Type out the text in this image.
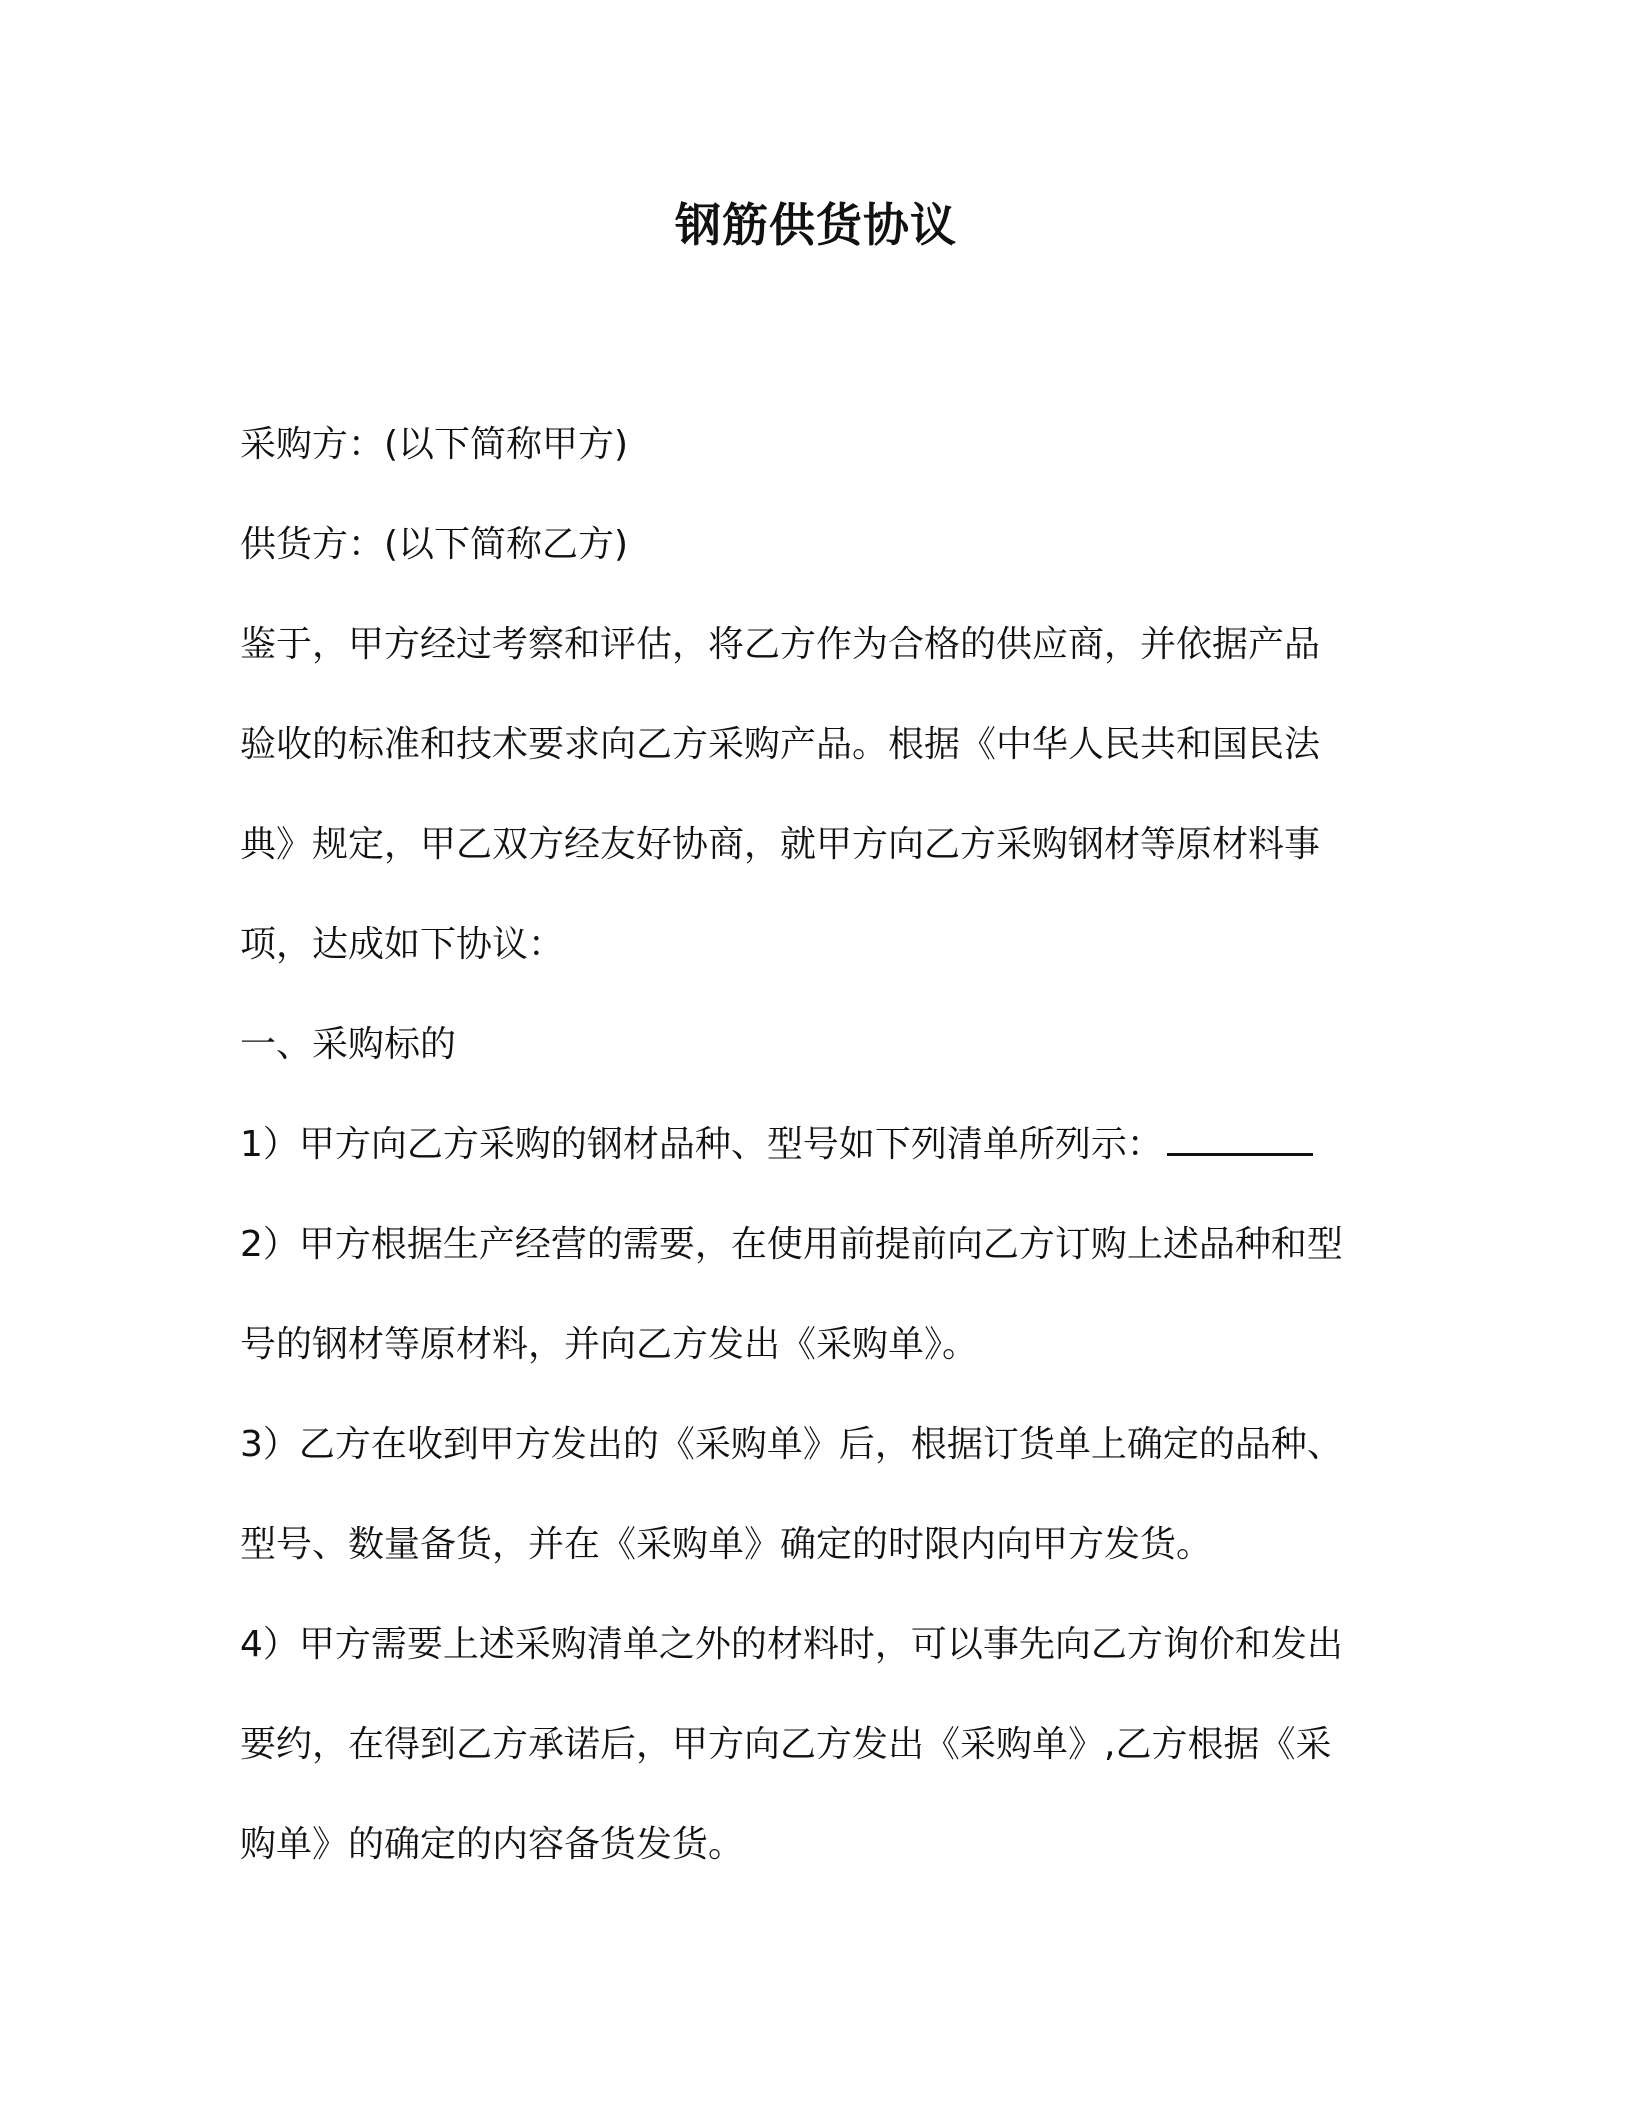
钢筋供货协议
采购方：(以下简称甲方)
供货方：(以下简称乙方)
鉴于，甲方经过考察和评估，将乙方作为合格的供应商，并依据产品
验收的标准和技术要求向乙方采购产品。根据《中华人民共和国民法
典》规定，甲乙双方经友好协商，就甲方向乙方采购钢材等原材料事
项，达成如下协议：
一、采购标的
1）甲方向乙方采购的钢材品种、型号如下列清单所列示：
2）甲方根据生产经营的需要，在使用前提前向乙方订购上述品种和型
号的钢材等原材料，并向乙方发出《采购单》。
3）乙方在收到甲方发出的《采购单》后，根据订货单上确定的品种、
型号、数量备货，并在《采购单》确定的时限内向甲方发货。
4）甲方需要上述采购清单之外的材料时，可以事先向乙方询价和发出
要约，在得到乙方承诺后，甲方向乙方发出《采购单》,乙方根据《采
购单》的确定的内容备货发货。
